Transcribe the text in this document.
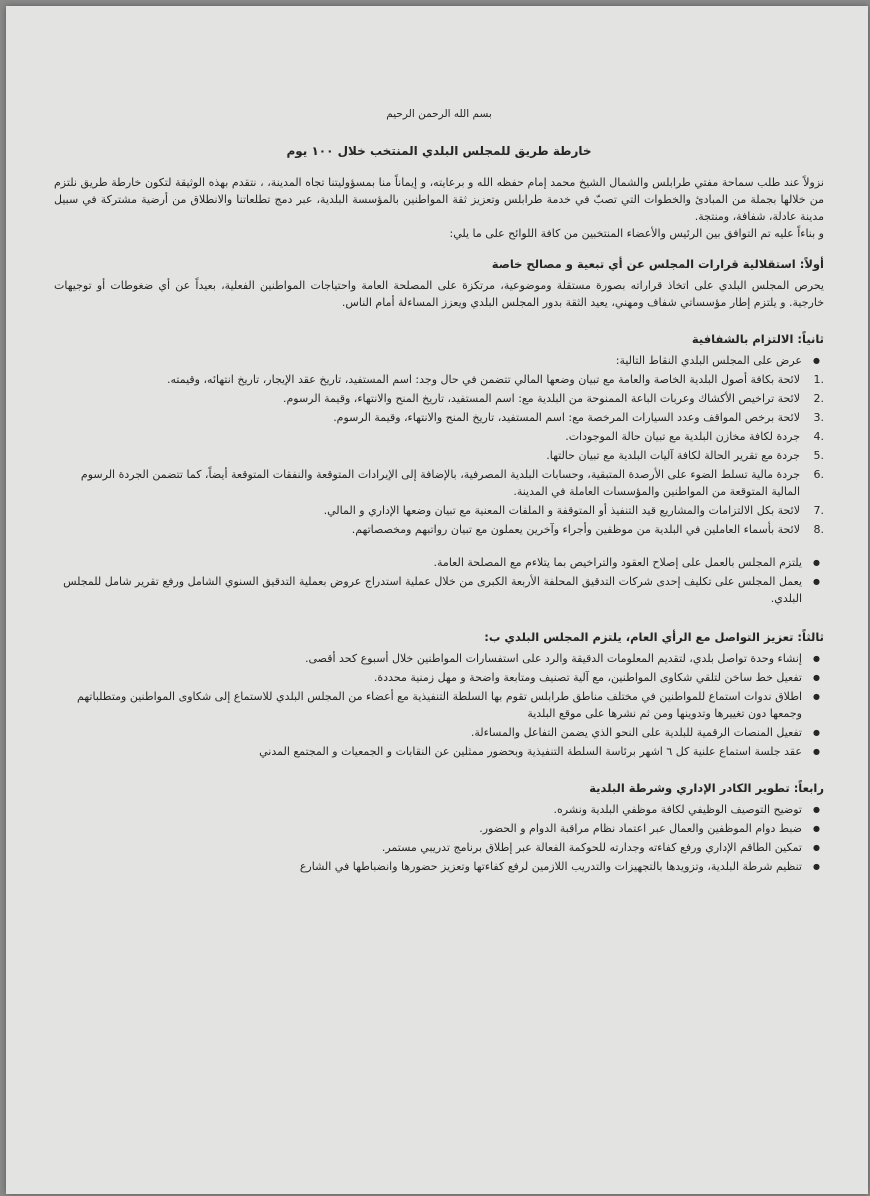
بسم الله الرحمن الرحيم

خارطة طريق للمجلس البلدي المنتخب خلال ١٠٠ يوم

نزولاً عند طلب سماحة مفتي طرابلس والشمال الشيخ محمد إمام حفظه الله و برعايته، و إيماناً منا بمسؤوليتنا تجاه المدينة، ، نتقدم بهذه الوثيقة لتكون خارطة طريق نلتزم من خلالها بجملة من المبادئ والخطوات التي تصبّ في خدمة طرابلس وتعزيز ثقة المواطنين بالمؤسسة البلدية، عبر دمج تطلعاتنا والانطلاق من أرضية مشتركة في سبيل مدينة عادلة، شفافة، ومنتجة.

و بناءاً عليه تم التوافق بين الرئيس والأعضاء المنتخبين من كافة اللوائح على ما يلي:

أولاً: استقلالية قرارات المجلس عن أي تبعية و مصالح خاصة

يحرص المجلس البلدي على اتخاذ قراراته بصورة مستقلة وموضوعية، مرتكزة على المصلحة العامة واحتياجات المواطنين الفعلية، بعيداً عن أي ضغوطات أو توجيهات خارجية. و يلتزم إطار مؤسساتي شفاف ومهني، يعيد الثقة بدور المجلس البلدي ويعزز المساءلة أمام الناس.

ثانياً: الالتزام بالشفافية

● عرض على المجلس البلدي النقاط التالية:
1.
لائحة بكافة أصول البلدية الخاصة والعامة مع تبيان وضعها المالي تتضمن في حال وجد: اسم المستفيد، تاريخ عقد الإيجار، تاريخ انتهائه، وقيمته.
2.
لائحة تراخيص الأكشاك وعربات الباعة الممنوحة من البلدية مع: اسم المستفيد، تاريخ المنح والانتهاء، وقيمة الرسوم.
3.
لائحة برخص المواقف وعدد السيارات المرخصة مع: اسم المستفيد، تاريخ المنح والانتهاء، وقيمة الرسوم.
4.
جردة لكافة مخازن البلدية مع تبيان حالة الموجودات.
5.
جردة مع تقرير الحالة لكافة آليات البلدية مع تبيان حالتها.
6.
جردة مالية تسلط الضوء على الأرصدة المتبقية، وحسابات البلدية المصرفية، بالإضافة إلى الإيرادات المتوقعة والنفقات المتوقعة أيضاً، كما تتضمن الجردة الرسوم المالية المتوقعة من المواطنين والمؤسسات العاملة في المدينة.
7.
لائحة بكل الالتزامات والمشاريع قيد التنفيذ أو المتوقفة و الملفات المعنية مع تبيان وضعها الإداري و المالي.
8.
لائحة بأسماء العاملين في البلدية من موظفين وأجراء وآخرين يعملون مع تبيان رواتبهم ومخصصاتهم.
● يلتزم المجلس بالعمل على إصلاح العقود والتراخيص بما يتلاءم مع المصلحة العامة.
● يعمل المجلس على تكليف إحدى شركات التدقيق المحلفة الأربعة الكبرى من خلال عملية استدراج عروض بعملية التدقيق السنوي الشامل ورفع تقرير شامل للمجلس البلدي.

ثالثاً: تعزيز التواصل مع الرأي العام، يلتزم المجلس البلدي ب:

● إنشاء وحدة تواصل بلدي، لتقديم المعلومات الدقيقة والرد على استفسارات المواطنين خلال أسبوع كحد أقصى.
● تفعيل خط ساخن لتلقي شكاوى المواطنين، مع آلية تصنيف ومتابعة واضحة و مهل زمنية محددة.
● اطلاق ندوات استماع للمواطنين في مختلف مناطق طرابلس تقوم بها السلطة التنفيذية مع أعضاء من المجلس البلدي للاستماع إلى شكاوى المواطنين ومتطلباتهم وجمعها دون تغييرها وتدوينها ومن ثم نشرها على موقع البلدية
● تفعيل المنصات الرقمية للبلدية على النحو الذي يضمن التفاعل والمساءلة.
● عقد جلسة استماع علنية كل ٦ اشهر برئاسة السلطة التنفيذية وبحضور ممثلين عن النقابات و الجمعيات و المجتمع المدني

رابعاً: تطوير الكادر الإداري وشرطة البلدية

● توضيح التوصيف الوظيفي لكافة موظفي البلدية ونشره.
● ضبط دوام الموظفين والعمال عبر اعتماد نظام مراقبة الدوام و الحضور.
● تمكين الطاقم الإداري ورفع كفاءته وجدارته للحوكمة الفعالة عبر إطلاق برنامج تدريبي مستمر.
● تنظيم شرطة البلدية، وتزويدها بالتجهيزات والتدريب اللازمين لرفع كفاءتها وتعزيز حضورها وانضباطها في الشارع
